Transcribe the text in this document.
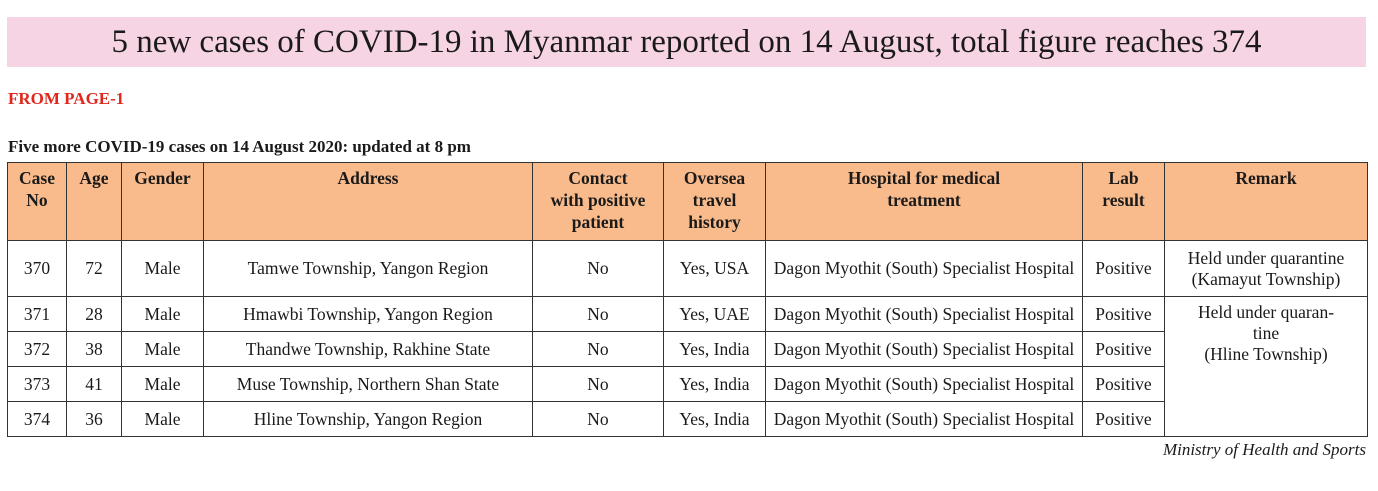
5 new cases of COVID-19 in Myanmar reported on 14 August, total figure reaches 374
FROM PAGE-1
Five more COVID-19 cases on 14 August 2020: updated at 8 pm
Case
No	Age	Gender	Address	Contact
with positive
patient	Oversea
travel
history	Hospital for medical
treatment	Lab
result	Remark
370	72	Male	Tamwe Township, Yangon Region	No	Yes, USA	Dagon Myothit (South) Specialist Hospital	Positive	Held under quarantine
(Kamayut Township)

371	28	Male	Hmawbi Township, Yangon Region	No	Yes, UAE	Dagon Myothit (South) Specialist Hospital	Positive	Held under quaran-
tine
(Hline Township)

372	38	Male	Thandwe Township, Rakhine State	No	Yes, India	Dagon Myothit (South) Specialist Hospital	Positive	
373	41	Male	Muse Township, Northern Shan State	No	Yes, India	Dagon Myothit (South) Specialist Hospital	Positive	
374	36	Male	Hline Township, Yangon Region	No	Yes, India	Dagon Myothit (South) Specialist Hospital	Positive	
Ministry of Health and Sports
